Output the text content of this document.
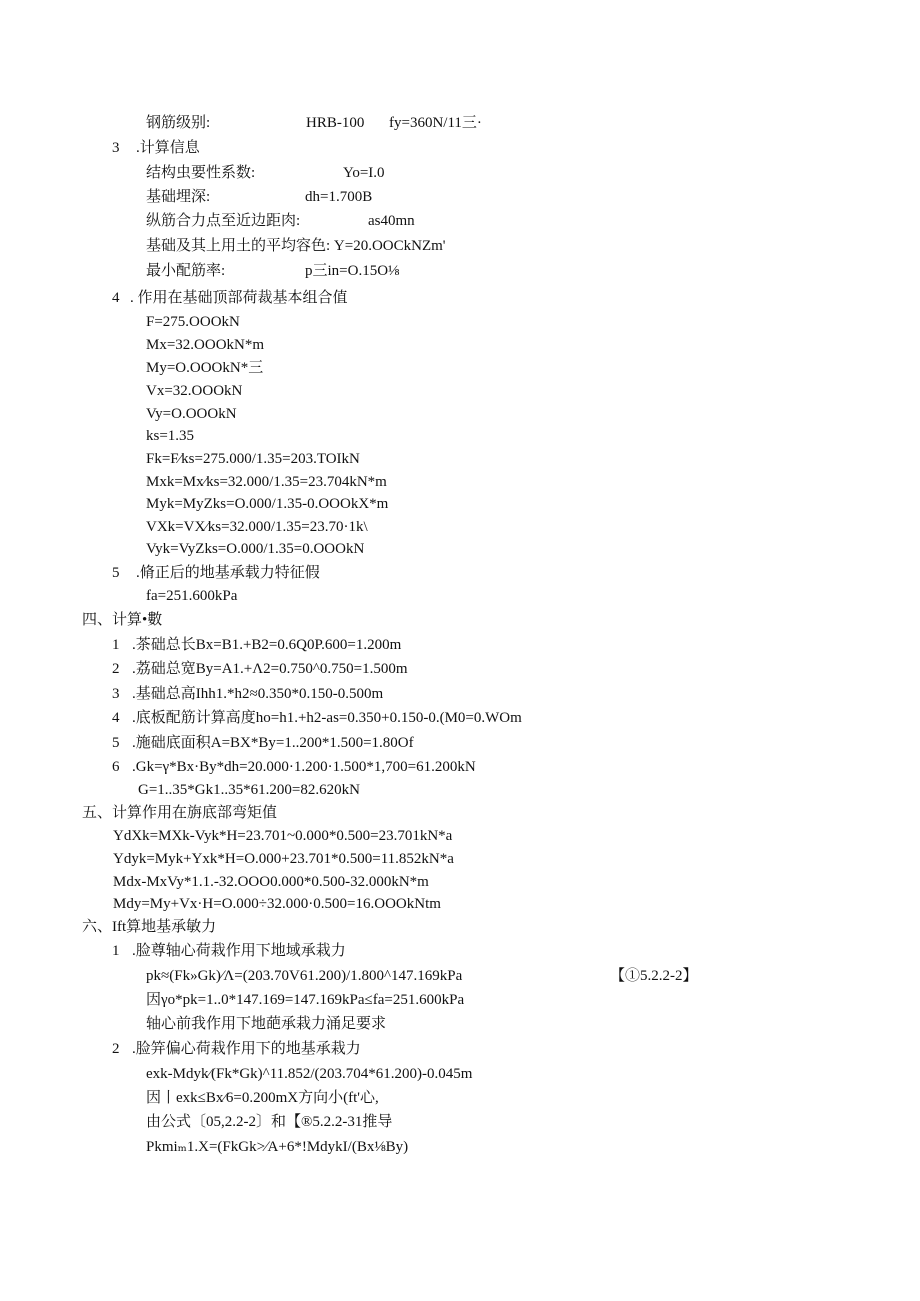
钢筋级别:	HRB-100 fy=360N/11三·
3 .计算信息
结构虫要性系数:	Yo=I.0
基础埋深:	dh=1.700B
纵筋合力点至近边距肉:	as40mn
基础及其上用土的平均容色: Y=20.OOCkNZm'
最小配筋率:	p三in=O.15O⅛
4 . 作用在基础顶部荷裁基本组合值
F=275.OOOkN
Mx=32.OOOkN*m
My=O.OOOkN*三
Vx=32.OOOkN
Vy=O.OOOkN
ks=1.35
Fk=F⁄ks=275.000/1.35=203.TOIkN
Mxk=Mx⁄ks=32.000/1.35=23.704kN*m
Myk=MyZks=O.000/1.35-0.OOOkX*m
VXk=VX⁄ks=32.000/1.35=23.70·1k\
Vyk=VyZks=O.000/1.35=0.OOOkN
5 .脩正后的地基承载力特征假
fa=251.600kPa
四、计算•數
1 .茶础总长Bx=B1.+B2=0.6Q0P.600=1.200m
2 .荔础总宽By=A1.+Λ2=0.750^0.750=1.500m
3 .基础总高Ihh1.*h2≈0.350*0.150-0.500m
4 .底板配筋计算高度ho=h1.+h2-as=0.350+0.150-0.(M0=0.WOm
5 .施础底面积A=BX*By=1..200*1.500=1.80Of
6 .Gk=γ*Bx·By*dh=20.000·1.200·1.500*1,700=61.200kN
G=1..35*Gk1..35*61.200=82.620kN
五、计算作用在旃底部弯矩值
YdXk=MXk-Vyk*H=23.701~0.000*0.500=23.701kN*a
Ydyk=Myk+Yxk*H=O.000+23.701*0.500=11.852kN*a
Mdx-MxVy*1.1.-32.OOO0.000*0.500-32.000kN*m
Mdy=My+Vx·H=O.000÷32.000·0.500=16.OOOkNtm
六、Ift算地基承敏力
1 .脸尊轴心荷栽作用下地域承栽力
pk≈(Fk»Gk)⁄Λ=(203.70V61.200)/1.800^147.169kPa	【①5.2.2-2】
因γo*pk=1..0*147.169=147.169kPa≤fa=251.600kPa
轴心前我作用下地葩承栽力涌足要求
2 .脸笄偏心荷栽作用下的地基承栽力
exk-Mdyk⁄(Fk*Gk)^11.852/(203.704*61.200)-0.045m
因丨exk≤Bx⁄6=0.200mX方向小(ft'心,
由公式〔05,2.2-2〕和【®5.2.2-31推导
Pkmiₘ1.X=(FkGk>⁄A+6*!MdykI/(Bx⅛By)
